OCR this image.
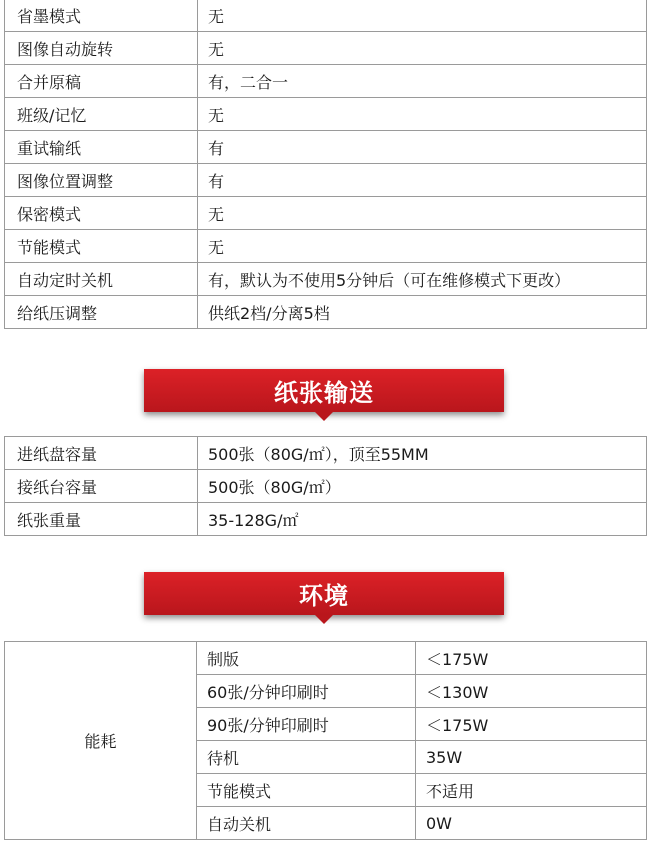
省墨模式	无
图像自动旋转	无
合并原稿	有，二合一
班级/记忆	无
重试输纸	有
图像位置调整	有
保密模式	无
节能模式	无
自动定时关机	有，默认为不使用5分钟后（可在维修模式下更改）
给纸压调整	供纸2档/分离5档
纸张输送
进纸盘容量	500张（80G/㎡），顶至55MM
接纸台容量	500张（80G/㎡）
纸张重量	35-128G/㎡
环境
能耗	制版	＜175W
	60张/分钟印刷时	＜130W
	90张/分钟印刷时	＜175W
	待机	35W
	节能模式	不适用
	自动关机	0W
